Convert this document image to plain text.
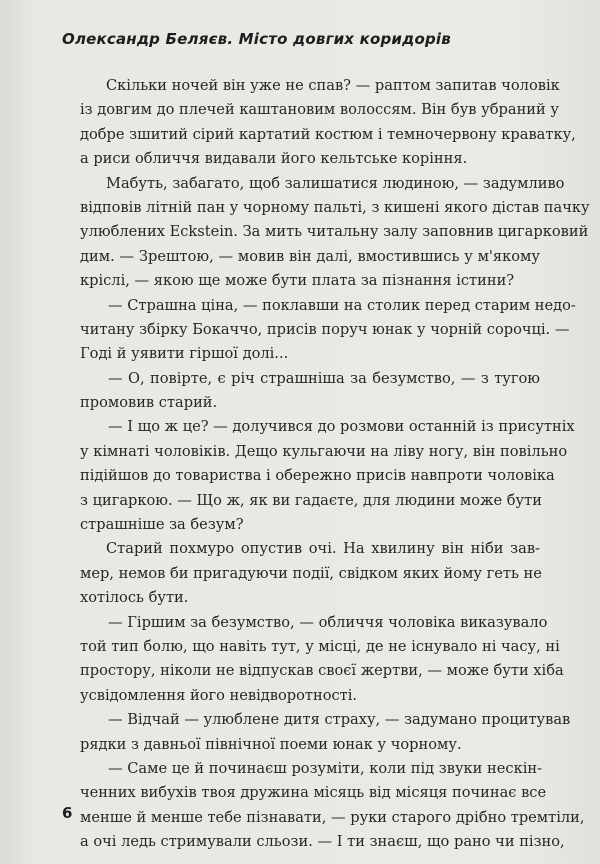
Олександр Беляєв. Місто довгих коридорів
Скільки ночей він уже не спав? — раптом запитав чоловік
із довгим до плечей каштановим волоссям. Він був убраний у
добре зшитий сірий картатий костюм і темночервону краватку,
а риси обличчя видавали його кельтське коріння.
Мабуть, забагато, щоб залишатися людиною, — задумливо
відповів літній пан у чорному пальті, з кишені якого дістав пачку
улюблених Eckstein. За мить читальну залу заповнив цигарковий
дим. — Зрештою, — мовив він далі, вмостившись у м'якому
кріслі, — якою ще може бути плата за пізнання істини?
— Страшна ціна, — поклавши на столик перед старим недо-
читану збірку Бокаччо, присів поруч юнак у чорній сорочці. —
Годі й уявити гіршої долі...
— О, повірте, є річ страшніша за безумство, — з тугою
промовив старий.
— І що ж це? — долучився до розмови останній із присутніх
у кімнаті чоловіків. Дещо кульгаючи на ліву ногу, він повільно
підійшов до товариства і обережно присів навпроти чоловіка
з цигаркою. — Що ж, як ви гадаєте, для людини може бути
страшніше за безум?
Старий похмуро опустив очі. На хвилину він ніби зав-
мер, немов би пригадуючи події, свідком яких йому геть не
хотілось бути.
— Гіршим за безумство, — обличчя чоловіка виказувало
той тип болю, що навіть тут, у місці, де не існувало ні часу, ні
простору, ніколи не відпускав своєї жертви, — може бути хіба
усвідомлення його невідворотності.
— Відчай — улюблене дитя страху, — задумано процитував
рядки з давньої північної поеми юнак у чорному.
— Саме це й починаєш розуміти, коли під звуки нескін-
ченних вибухів твоя дружина місяць від місяця починає все
менше й менше тебе пізнавати, — руки старого дрібно тремтіли,
а очі ледь стримували сльози. — І ти знаєш, що рано чи пізно,
6
